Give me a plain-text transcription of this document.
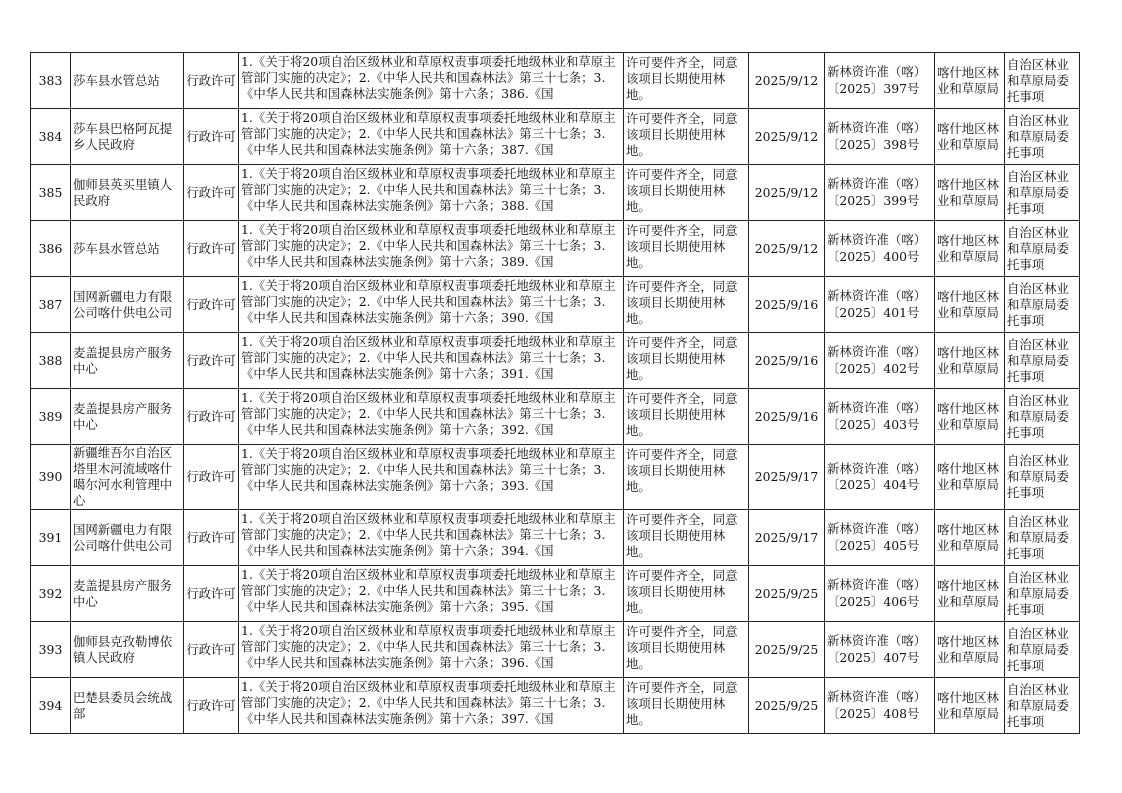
383	莎车县水管总站	行政许可	1.《关于将20项自治区级林业和草原权责事项委托地级林业和草原主管部门实施的决定》；2.《中华人民共和国森林法》第三十七条；3.《中华人民共和国森林法实施条例》第十六条；386.《国	许可要件齐全，同意该项目长期使用林地。	2025/9/12	新林资许准（喀）〔2025〕397号	喀什地区林业和草原局	自治区林业和草原局委托事项
384	莎车县巴格阿瓦提乡人民政府	行政许可	1.《关于将20项自治区级林业和草原权责事项委托地级林业和草原主管部门实施的决定》；2.《中华人民共和国森林法》第三十七条；3.《中华人民共和国森林法实施条例》第十六条；387.《国	许可要件齐全，同意该项目长期使用林地。	2025/9/12	新林资许准（喀）〔2025〕398号	喀什地区林业和草原局	自治区林业和草原局委托事项
385	伽师县英买里镇人民政府	行政许可	1.《关于将20项自治区级林业和草原权责事项委托地级林业和草原主管部门实施的决定》；2.《中华人民共和国森林法》第三十七条；3.《中华人民共和国森林法实施条例》第十六条；388.《国	许可要件齐全，同意该项目长期使用林地。	2025/9/12	新林资许准（喀）〔2025〕399号	喀什地区林业和草原局	自治区林业和草原局委托事项
386	莎车县水管总站	行政许可	1.《关于将20项自治区级林业和草原权责事项委托地级林业和草原主管部门实施的决定》；2.《中华人民共和国森林法》第三十七条；3.《中华人民共和国森林法实施条例》第十六条；389.《国	许可要件齐全，同意该项目长期使用林地。	2025/9/12	新林资许准（喀）〔2025〕400号	喀什地区林业和草原局	自治区林业和草原局委托事项
387	国网新疆电力有限公司喀什供电公司	行政许可	1.《关于将20项自治区级林业和草原权责事项委托地级林业和草原主管部门实施的决定》；2.《中华人民共和国森林法》第三十七条；3.《中华人民共和国森林法实施条例》第十六条；390.《国	许可要件齐全，同意该项目长期使用林地。	2025/9/16	新林资许准（喀）〔2025〕401号	喀什地区林业和草原局	自治区林业和草原局委托事项
388	麦盖提县房产服务中心	行政许可	1.《关于将20项自治区级林业和草原权责事项委托地级林业和草原主管部门实施的决定》；2.《中华人民共和国森林法》第三十七条；3.《中华人民共和国森林法实施条例》第十六条；391.《国	许可要件齐全，同意该项目长期使用林地。	2025/9/16	新林资许准（喀）〔2025〕402号	喀什地区林业和草原局	自治区林业和草原局委托事项
389	麦盖提县房产服务中心	行政许可	1.《关于将20项自治区级林业和草原权责事项委托地级林业和草原主管部门实施的决定》；2.《中华人民共和国森林法》第三十七条；3.《中华人民共和国森林法实施条例》第十六条；392.《国	许可要件齐全，同意该项目长期使用林地。	2025/9/16	新林资许准（喀）〔2025〕403号	喀什地区林业和草原局	自治区林业和草原局委托事项
390	新疆维吾尔自治区塔里木河流域喀什噶尔河水利管理中心	行政许可	1.《关于将20项自治区级林业和草原权责事项委托地级林业和草原主管部门实施的决定》；2.《中华人民共和国森林法》第三十七条；3.《中华人民共和国森林法实施条例》第十六条；393.《国	许可要件齐全，同意该项目长期使用林地。	2025/9/17	新林资许准（喀）〔2025〕404号	喀什地区林业和草原局	自治区林业和草原局委托事项
391	国网新疆电力有限公司喀什供电公司	行政许可	1.《关于将20项自治区级林业和草原权责事项委托地级林业和草原主管部门实施的决定》；2.《中华人民共和国森林法》第三十七条；3.《中华人民共和国森林法实施条例》第十六条；394.《国	许可要件齐全，同意该项目长期使用林地。	2025/9/17	新林资许准（喀）〔2025〕405号	喀什地区林业和草原局	自治区林业和草原局委托事项
392	麦盖提县房产服务中心	行政许可	1.《关于将20项自治区级林业和草原权责事项委托地级林业和草原主管部门实施的决定》；2.《中华人民共和国森林法》第三十七条；3.《中华人民共和国森林法实施条例》第十六条；395.《国	许可要件齐全，同意该项目长期使用林地。	2025/9/25	新林资许准（喀）〔2025〕406号	喀什地区林业和草原局	自治区林业和草原局委托事项
393	伽师县克孜勒博依镇人民政府	行政许可	1.《关于将20项自治区级林业和草原权责事项委托地级林业和草原主管部门实施的决定》；2.《中华人民共和国森林法》第三十七条；3.《中华人民共和国森林法实施条例》第十六条；396.《国	许可要件齐全，同意该项目长期使用林地。	2025/9/25	新林资许准（喀）〔2025〕407号	喀什地区林业和草原局	自治区林业和草原局委托事项
394	巴楚县委员会统战部	行政许可	1.《关于将20项自治区级林业和草原权责事项委托地级林业和草原主管部门实施的决定》；2.《中华人民共和国森林法》第三十七条；3.《中华人民共和国森林法实施条例》第十六条；397.《国	许可要件齐全，同意该项目长期使用林地。	2025/9/25	新林资许准（喀）〔2025〕408号	喀什地区林业和草原局	自治区林业和草原局委托事项
